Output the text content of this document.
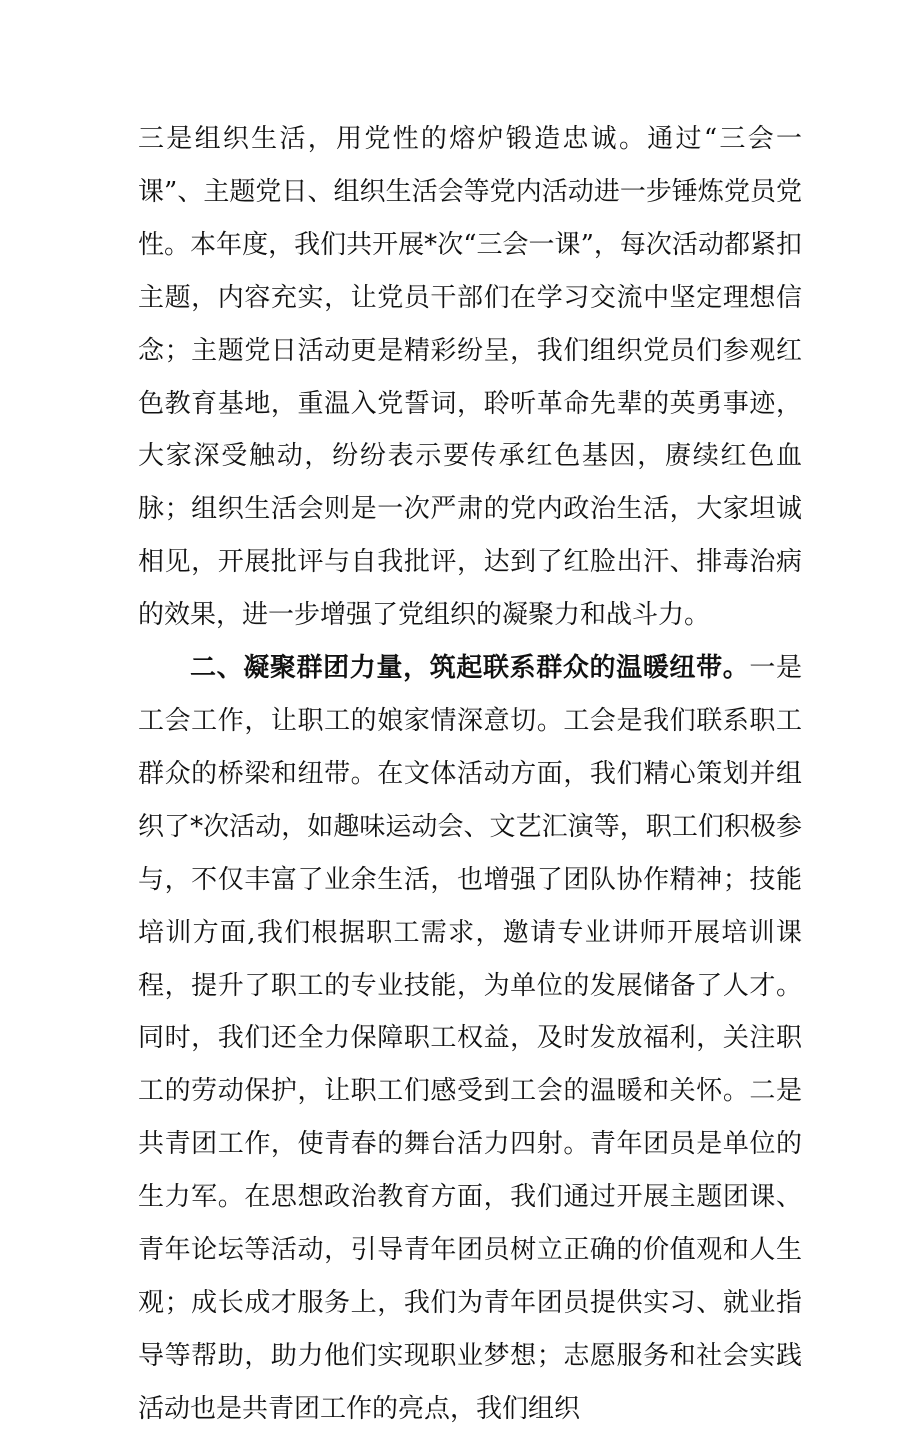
三是组织生活，用党性的熔炉锻造忠诚。通过“三会一课”、主题党日、组织生活会等党内活动进一步锤炼党员党性。本年度，我们共开展*次“三会一课”，每次活动都紧扣主题，内容充实，让党员干部们在学习交流中坚定理想信念；主题党日活动更是精彩纷呈，我们组织党员们参观红色教育基地，重温入党誓词，聆听革命先辈的英勇事迹，大家深受触动，纷纷表示要传承红色基因，赓续红色血脉；组织生活会则是一次严肃的党内政治生活，大家坦诚相见，开展批评与自我批评，达到了红脸出汗、排毒治病的效果，进一步增强了党组织的凝聚力和战斗力。

二、凝聚群团力量，筑起联系群众的温暖纽带。一是工会工作，让职工的娘家情深意切。工会是我们联系职工群众的桥梁和纽带。在文体活动方面，我们精心策划并组织了*次活动，如趣味运动会、文艺汇演等，职工们积极参与，不仅丰富了业余生活，也增强了团队协作精神；技能培训方面,我们根据职工需求，邀请专业讲师开展培训课程，提升了职工的专业技能，为单位的发展储备了人才。同时，我们还全力保障职工权益，及时发放福利，关注职工的劳动保护，让职工们感受到工会的温暖和关怀。二是共青团工作，使青春的舞台活力四射。青年团员是单位的生力军。在思想政治教育方面，我们通过开展主题团课、青年论坛等活动，引导青年团员树立正确的价值观和人生观；成长成才服务上，我们为青年团员提供实习、就业指导等帮助，助力他们实现职业梦想；志愿服务和社会实践活动也是共青团工作的亮点，我们组织
